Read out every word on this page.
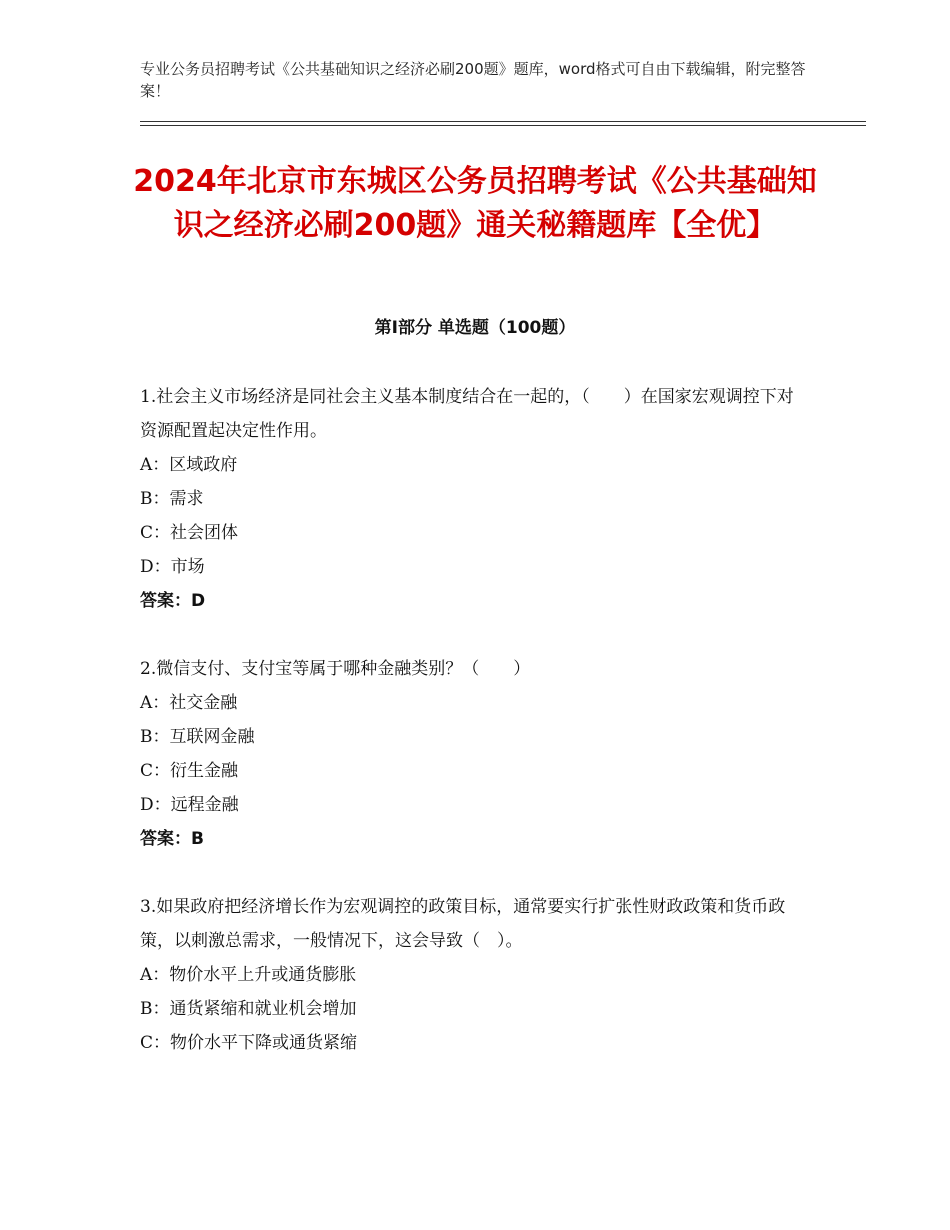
专业公务员招聘考试《公共基础知识之经济必刷200题》题库，word格式可自由下载编辑，附完整答案！
2024年北京市东城区公务员招聘考试《公共基础知识之经济必刷200题》通关秘籍题库【全优】
第Ⅰ部分 单选题（100题）

1.社会主义市场经济是同社会主义基本制度结合在一起的，（　　）在国家宏观调控下对资源配置起决定性作用。

A：区域政府

B：需求

C：社会团体

D：市场

答案：D

2.微信支付、支付宝等属于哪种金融类别？（　　）

A：社交金融

B：互联网金融

C：衍生金融

D：远程金融

答案：B

3.如果政府把经济增长作为宏观调控的政策目标，通常要实行扩张性财政政策和货币政策，以刺激总需求，一般情况下，这会导致（　）。

A：物价水平上升或通货膨胀

B：通货紧缩和就业机会增加

C：物价水平下降或通货紧缩
